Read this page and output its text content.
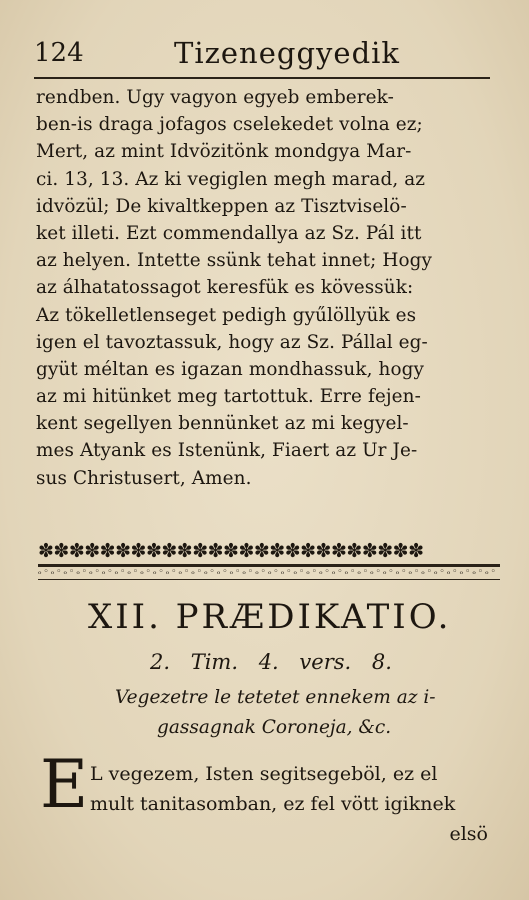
124	Tizeneggyedik
rendben. Ugy vagyon egyeb emberek-
ben-is draga jofagos cselekedet volna ez;
Mert, az mint Idvözitönk mondgya Mar-
ci. 13, 13. Az ki vegiglen megh marad, az
idvözül; De kivaltkeppen az Tisztviselö-
ket illeti. Ezt commendallya az Sz. Pál itt
az helyen. Intette ssünk tehat innet; Hogy
az álhatatossagot keresfük es kövessük:
Az tökelletlenseget pedigh gyűlöllyük es
igen el tavoztassuk, hogy az Sz. Pállal eg-
gyüt méltan es igazan mondhassuk, hogy
az mi hitünket meg tartottuk. Erre fejen-
kent segellyen bennünket az mi kegyel-
mes Atyank es Istenünk, Fiaert az Ur Je-
sus Christusert, Amen.
✽✽✽✽✽✽✽✽✽✽✽✽✽✽✽✽✽✽✽✽✽✽✽✽✽
ₒ◦ₒ◦ₒ◦ₒ◦ₒ◦ₒ◦ₒ◦ₒ◦ₒ◦ₒ◦ₒ◦ₒ◦ₒ◦ₒ◦ₒ◦ₒ◦ₒ◦ₒ◦ₒ◦ₒ◦ₒ◦ₒ◦ₒ◦ₒ◦ₒ◦ₒ◦ₒ◦ₒ◦ₒ◦ₒ◦ₒ◦ₒ◦ₒ◦ₒ◦ₒ◦ₒ◦
XII. PRÆDIKATIO.
2. Tim. 4. vers. 8.
Vegezetre le tetetet ennekem az i-
gassagnak Coroneja, &c.
E L vegezem, Isten segitsegeböl, ez el
mult tanitasomban, ez fel vött igiknek
elsö
